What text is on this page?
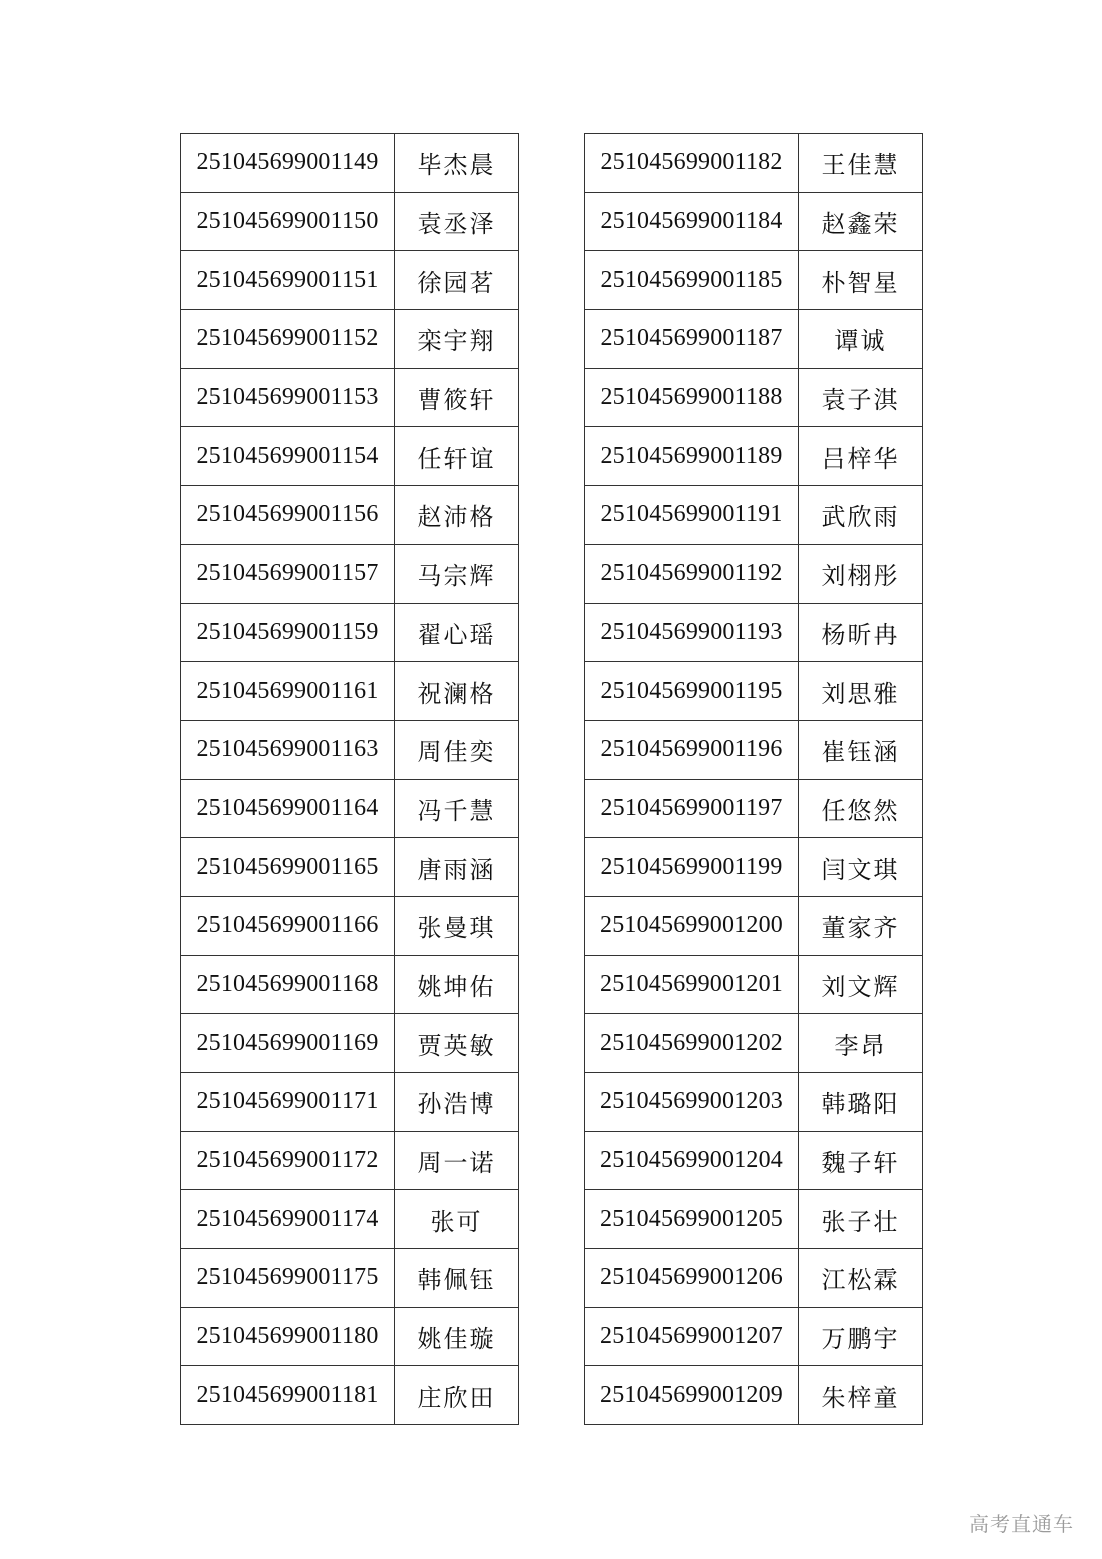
251045699001149	毕杰晨
251045699001150	袁丞泽
251045699001151	徐园茗
251045699001152	栾宇翔
251045699001153	曹筱轩
251045699001154	任轩谊
251045699001156	赵沛格
251045699001157	马宗辉
251045699001159	翟心瑶
251045699001161	祝澜格
251045699001163	周佳奕
251045699001164	冯千慧
251045699001165	唐雨涵
251045699001166	张曼琪
251045699001168	姚坤佑
251045699001169	贾英敏
251045699001171	孙浩博
251045699001172	周一诺
251045699001174	张可
251045699001175	韩佩钰
251045699001180	姚佳璇
251045699001181	庄欣田
251045699001182	王佳慧
251045699001184	赵鑫荣
251045699001185	朴智星
251045699001187	谭诚
251045699001188	袁子淇
251045699001189	吕梓华
251045699001191	武欣雨
251045699001192	刘栩彤
251045699001193	杨昕冉
251045699001195	刘思雅
251045699001196	崔钰涵
251045699001197	任悠然
251045699001199	闫文琪
251045699001200	董家齐
251045699001201	刘文辉
251045699001202	李昂
251045699001203	韩璐阳
251045699001204	魏子轩
251045699001205	张子壮
251045699001206	江松霖
251045699001207	万鹏宇
251045699001209	朱梓童
高考直通车
